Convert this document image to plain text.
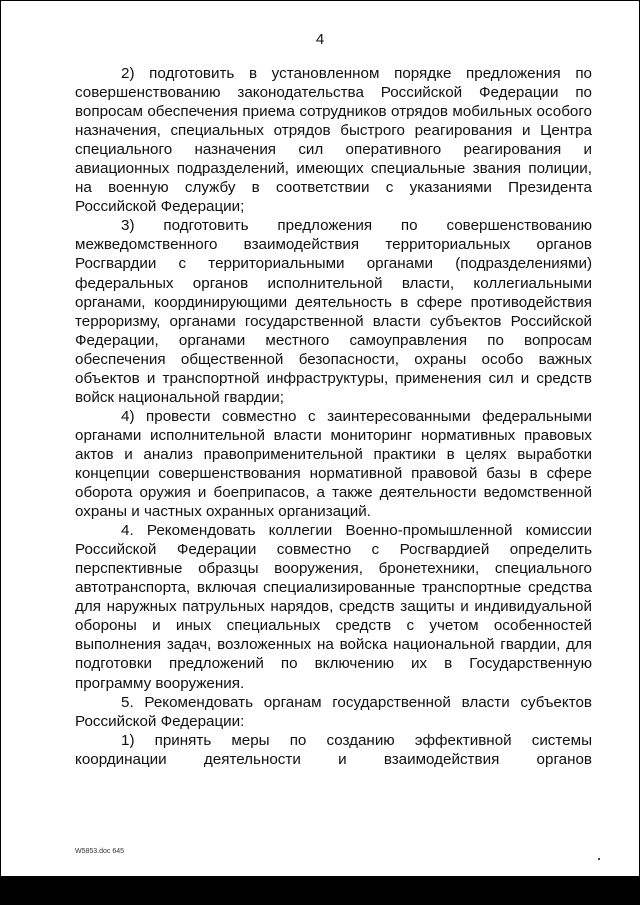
4

2) подготовить в установленном порядке предложения по совершенствованию законодательства Российской Федерации по вопросам обеспечения приема сотрудников отрядов мобильных особого назначения, специальных отрядов быстрого реагирования и Центра специального назначения сил оперативного реагирования и авиационных подразделений, имеющих специальные звания полиции, на военную службу в соответствии с указаниями Президента Российской Федерации;

3) подготовить предложения по совершенствованию межведомственного взаимодействия территориальных органов Росгвардии с территориальными органами (подразделениями) федеральных органов исполнительной власти, коллегиальными органами, координирующими деятельность в сфере противодействия терроризму, органами государственной власти субъектов Российской Федерации, органами местного самоуправления по вопросам обеспечения общественной безопасности, охраны особо важных объектов и транспортной инфраструктуры, применения сил и средств войск национальной гвардии;

4) провести совместно с заинтересованными федеральными органами исполнительной власти мониторинг нормативных правовых актов и анализ правоприменительной практики в целях выработки концепции совершенствования нормативной правовой базы в сфере оборота оружия и боеприпасов, а также деятельности ведомственной охраны и частных охранных организаций.

4. Рекомендовать коллегии Военно-промышленной комиссии Российской Федерации совместно с Росгвардией определить перспективные образцы вооружения, бронетехники, специального автотранспорта, включая специализированные транспортные средства для наружных патрульных нарядов, средств защиты и индивидуальной обороны и иных специальных средств с учетом особенностей выполнения задач, возложенных на войска национальной гвардии, для подготовки предложений по включению их в Государственную программу вооружения.

5. Рекомендовать органам государственной власти субъектов Российской Федерации:

1) принять меры по созданию эффективной системы координации деятельности и взаимодействия органов

W5853.doc 645
